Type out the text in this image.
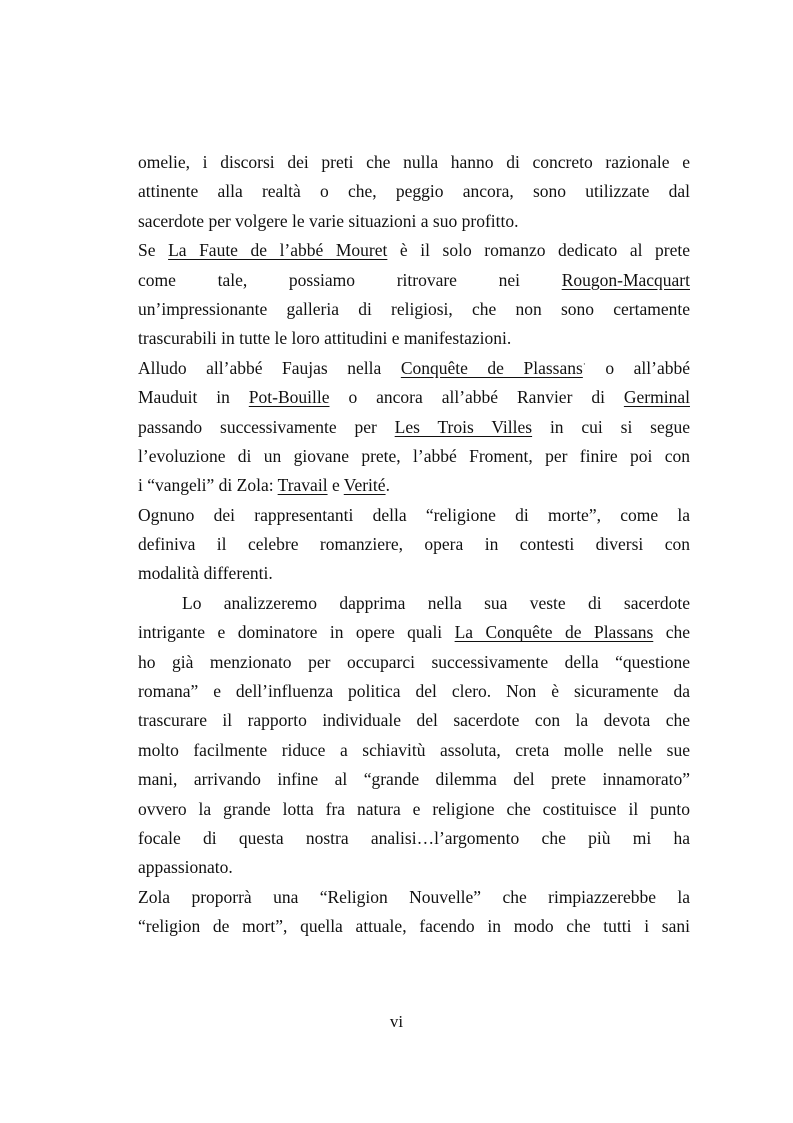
omelie, i discorsi dei preti che nulla hanno di concreto razionale e
attinente alla realtà o che, peggio ancora, sono utilizzate dal
sacerdote per volgere le varie situazioni a suo profitto.
Se La Faute de l’abbé Mouret è il solo romanzo dedicato al prete
come tale, possiamo ritrovare nei Rougon-Macquart
un’impressionante galleria di religiosi, che non sono certamente
trascurabili in tutte le loro attitudini e manifestazioni.
Alludo all’abbé Faujas nella Conquête de Plassans· o all’abbé
Mauduit in Pot-Bouille o ancora all’abbé Ranvier di Germinal
passando successivamente per Les Trois Villes in cui si segue
l’evoluzione di un giovane prete, l’abbé Froment, per finire poi con
i “vangeli” di Zola: Travail e Verité.
Ognuno dei rappresentanti della “religione di morte”, come la
definiva il celebre romanziere, opera in contesti diversi con
modalità differenti.
Lo analizzeremo dapprima nella sua veste di sacerdote
intrigante e dominatore in opere quali La Conquête de Plassans che
ho già menzionato per occuparci successivamente della “questione
romana” e dell’influenza politica del clero. Non è sicuramente da
trascurare il rapporto individuale del sacerdote con la devota che
molto facilmente riduce a schiavitù assoluta, creta molle nelle sue
mani, arrivando infine al “grande dilemma del prete innamorato”
ovvero la grande lotta fra natura e religione che costituisce il punto
focale di questa nostra analisi…l’argomento che più mi ha
appassionato.
Zola proporrà una “Religion Nouvelle” che rimpiazzerebbe la
“religion de mort”, quella attuale, facendo in modo che tutti i sani
vi
